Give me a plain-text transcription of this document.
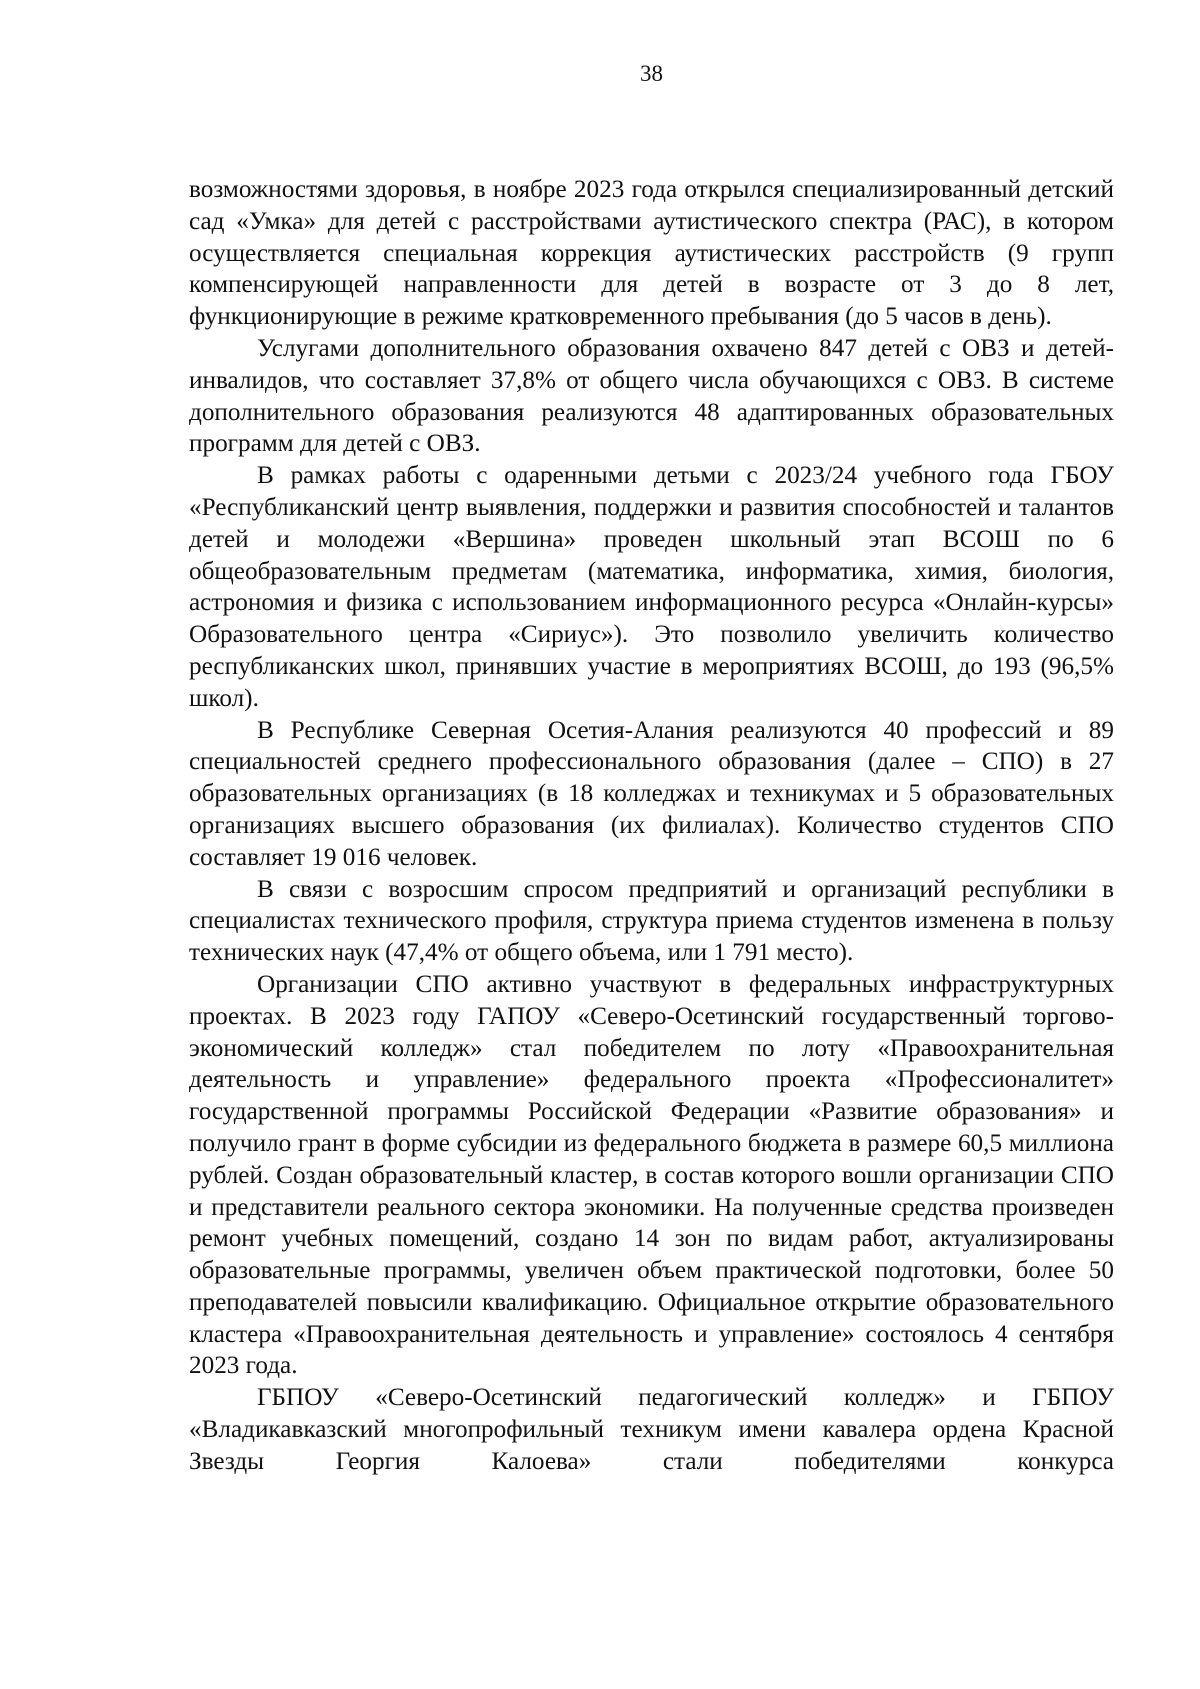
38

возможностями здоровья, в ноябре 2023 года открылся специализированный детский сад «Умка» для детей с расстройствами аутистического спектра (РАС), в котором осуществляется специальная коррекция аутистических расстройств (9 групп компенсирующей направленности для детей в возрасте от 3 до 8 лет, функционирующие в режиме кратковременного пребывания (до 5 часов в день).

Услугами дополнительного образования охвачено 847 детей с ОВЗ и детей-инвалидов, что составляет 37,8% от общего числа обучающихся с ОВЗ. В системе дополнительного образования реализуются 48 адаптированных образовательных программ для детей с ОВЗ.

В рамках работы с одаренными детьми с 2023/24 учебного года ГБОУ «Республиканский центр выявления, поддержки и развития способностей и талантов детей и молодежи «Вершина» проведен школьный этап ВСОШ по 6 общеобразовательным предметам (математика, информатика, химия, биология, астрономия и физика с использованием информационного ресурса «Онлайн-курсы» Образовательного центра «Сириус»). Это позволило увеличить количество республиканских школ, принявших участие в мероприятиях ВСОШ, до 193 (96,5% школ).

В Республике Северная Осетия-Алания реализуются 40 профессий и 89 специальностей среднего профессионального образования (далее – СПО) в 27 образовательных организациях (в 18 колледжах и техникумах и 5 образовательных организациях высшего образования (их филиалах). Количество студентов СПО составляет 19 016 человек.

В связи с возросшим спросом предприятий и организаций республики в специалистах технического профиля, структура приема студентов изменена в пользу технических наук (47,4% от общего объема, или 1 791 место).

Организации СПО активно участвуют в федеральных инфраструктурных проектах. В 2023 году ГАПОУ «Северо-Осетинский государственный торгово-экономический колледж» стал победителем по лоту «Правоохранительная деятельность и управление» федерального проекта «Профессионалитет» государственной программы Российской Федерации «Развитие образования» и получило грант в форме субсидии из федерального бюджета в размере 60,5 миллиона рублей. Создан образовательный кластер, в состав которого вошли организации СПО и представители реального сектора экономики. На полученные средства произведен ремонт учебных помещений, создано 14 зон по видам работ, актуализированы образовательные программы, увеличен объем практической подготовки, более 50 преподавателей повысили квалификацию. Официальное открытие образовательного кластера «Правоохранительная деятельность и управление» состоялось 4 сентября 2023 года.

ГБПОУ «Северо-Осетинский педагогический колледж» и ГБПОУ «Владикавказский многопрофильный техникум имени кавалера ордена Красной Звезды Георгия Калоева» стали победителями конкурса
